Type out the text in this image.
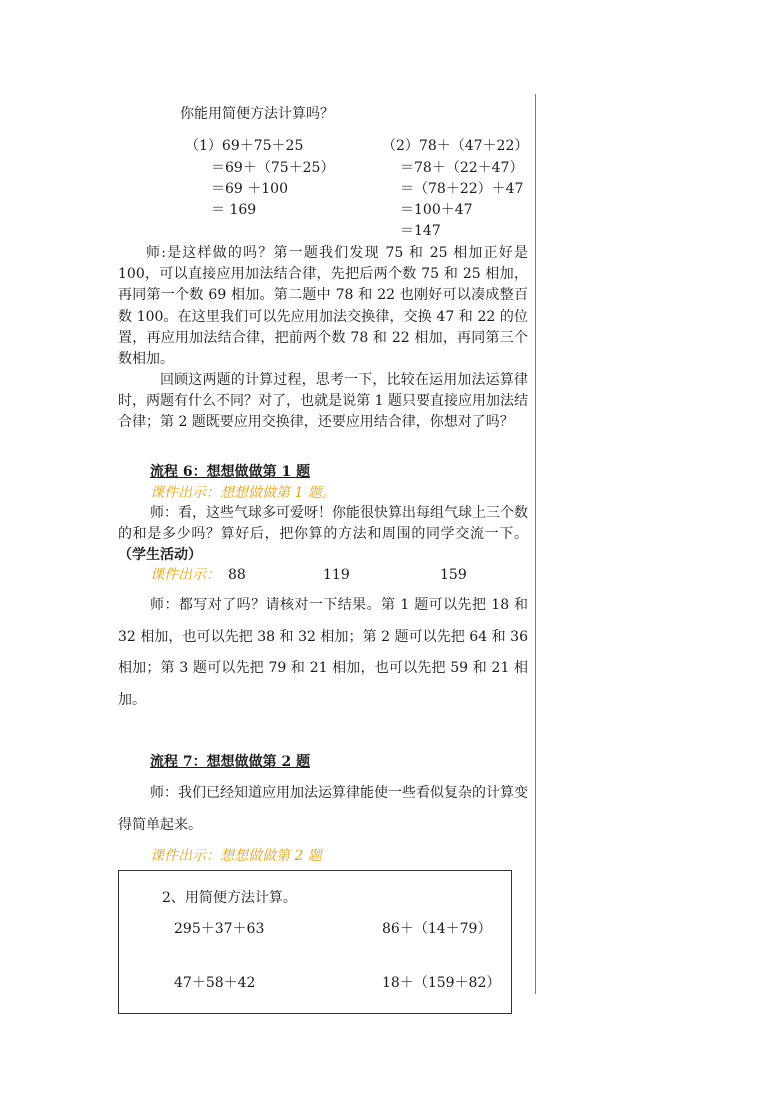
你能用简便方法计算吗？
（1）69＋75＋25
＝69＋（75＋25）
＝69 ＋100
＝ 169
（2）78＋（47＋22）
＝78＋（22＋47）
＝（78＋22）＋47
＝100＋47
＝147

师:是这样做的吗？第一题我们发现 75 和 25 相加正好是 100，可以直接应用加法结合律，先把后两个数 75 和 25 相加，再同第一个数 69 相加。第二题中 78 和 22 也刚好可以凑成整百数 100。在这里我们可以先应用加法交换律，交换 47 和 22 的位置，再应用加法结合律，把前两个数 78 和 22 相加，再同第三个数相加。

回顾这两题的计算过程，思考一下，比较在运用加法运算律时，两题有什么不同？对了，也就是说第 1 题只要直接应用加法结合律；第 2 题既要应用交换律，还要应用结合律，你想对了吗？

流程 6：想想做做第 1 题
课件出示：想想做做第 1 题。

师：看，这些气球多可爱呀！你能很快算出每组气球上三个数的和是多少吗？算好后，把你算的方法和周围的同学交流一下。（学生活动）

课件出示： 88	119	159

师：都写对了吗？请核对一下结果。第 1 题可以先把 18 和 32 相加，也可以先把 38 和 32 相加；第 2 题可以先把 64 和 36 相加；第 3 题可以先把 79 和 21 相加，也可以先把 59 和 21 相加。

流程 7：想想做做第 2 题

师：我们已经知道应用加法运算律能使一些看似复杂的计算变得简单起来。

课件出示：想想做做第 2 题
2、用简便方法计算。
295＋37＋63	86＋（14＋79）
47＋58＋42	18＋（159＋82）
